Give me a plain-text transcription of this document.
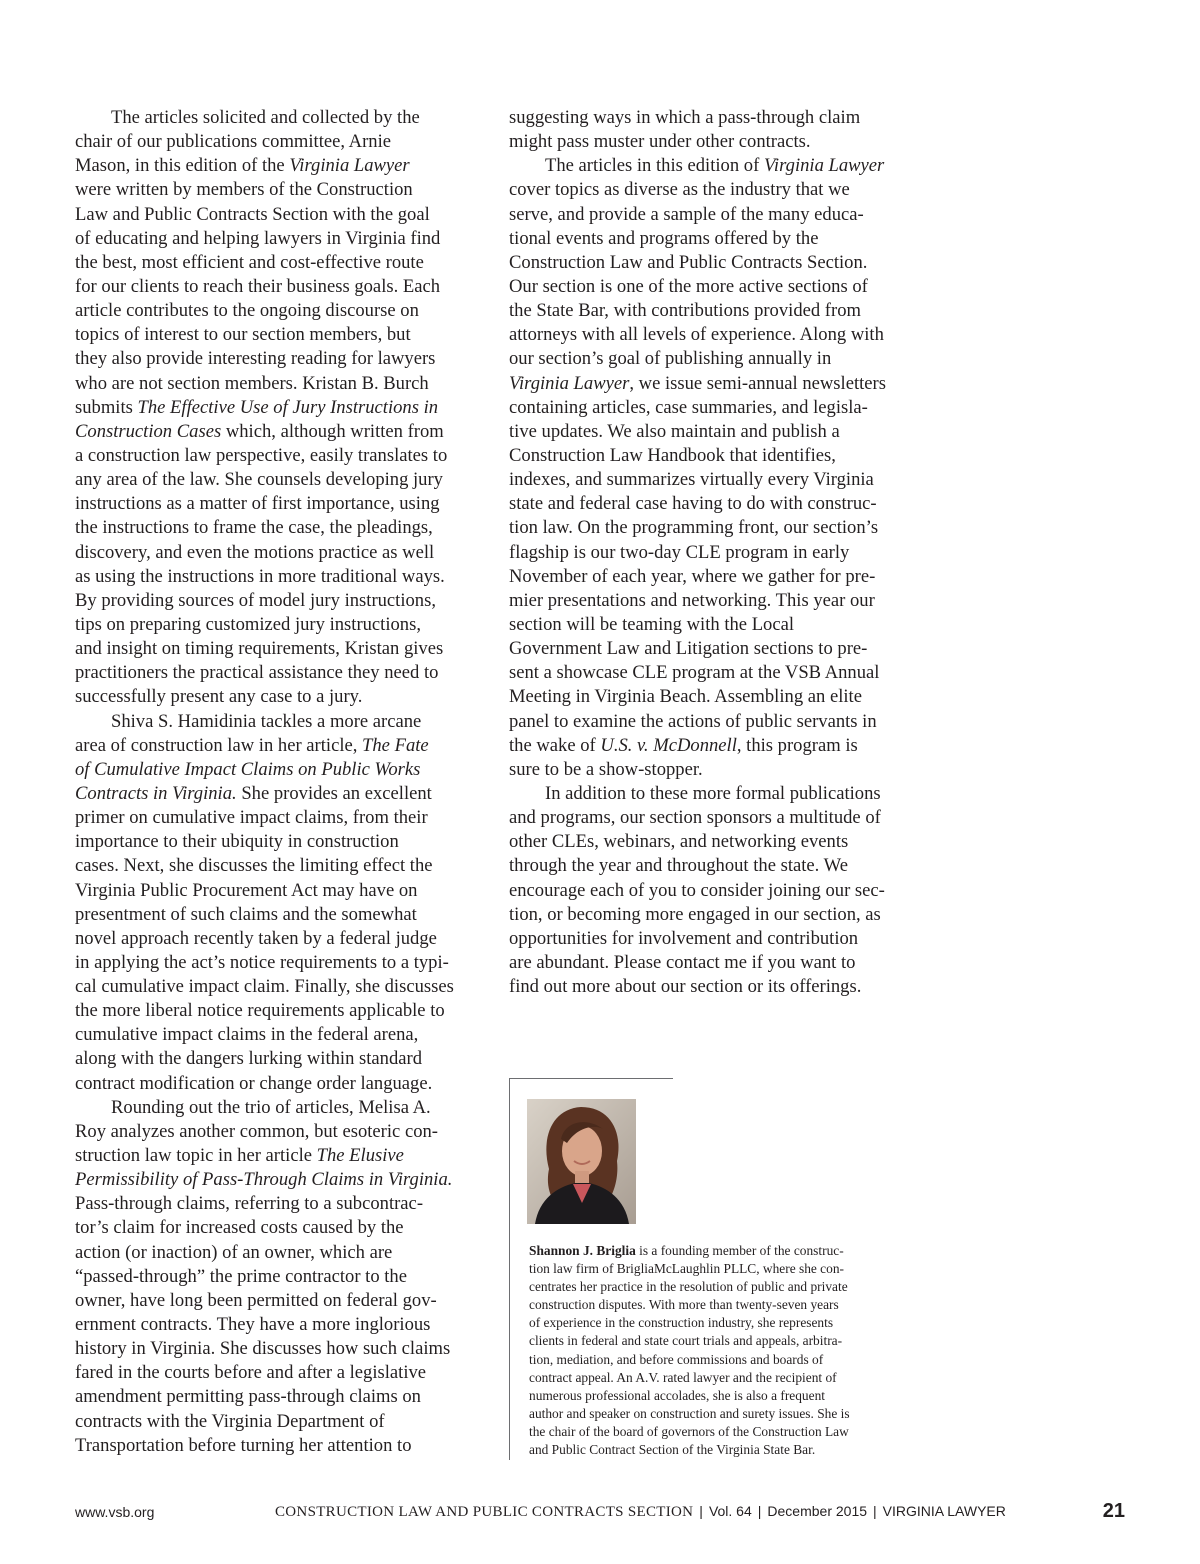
The articles solicited and collected by the
chair of our publications committee, Arnie
Mason, in this edition of the Virginia Lawyer
were written by members of the Construction
Law and Public Contracts Section with the goal
of educating and helping lawyers in Virginia find
the best, most efficient and cost-effective route
for our clients to reach their business goals. Each
article contributes to the ongoing discourse on
topics of interest to our section members, but
they also provide interesting reading for lawyers
who are not section members. Kristan B. Burch
submits The Effective Use of Jury Instructions in
Construction Cases which, although written from
a construction law perspective, easily translates to
any area of the law. She counsels developing jury
instructions as a matter of first importance, using
the instructions to frame the case, the pleadings,
discovery, and even the motions practice as well
as using the instructions in more traditional ways.
By providing sources of model jury instructions,
tips on preparing customized jury instructions,
and insight on timing requirements, Kristan gives
practitioners the practical assistance they need to
successfully present any case to a jury.
Shiva S. Hamidinia tackles a more arcane
area of construction law in her article, The Fate
of Cumulative Impact Claims on Public Works
Contracts in Virginia. She provides an excellent
primer on cumulative impact claims, from their
importance to their ubiquity in construction
cases. Next, she discusses the limiting effect the
Virginia Public Procurement Act may have on
presentment of such claims and the somewhat
novel approach recently taken by a federal judge
in applying the act’s notice requirements to a typi-
cal cumulative impact claim. Finally, she discusses
the more liberal notice requirements applicable to
cumulative impact claims in the federal arena,
along with the dangers lurking within standard
contract modification or change order language.
Rounding out the trio of articles, Melisa A.
Roy analyzes another common, but esoteric con-
struction law topic in her article The Elusive
Permissibility of Pass-Through Claims in Virginia.
Pass-through claims, referring to a subcontrac-
tor’s claim for increased costs caused by the
action (or inaction) of an owner, which are
“passed-through” the prime contractor to the
owner, have long been permitted on federal gov-
ernment contracts. They have a more inglorious
history in Virginia. She discusses how such claims
fared in the courts before and after a legislative
amendment permitting pass-through claims on
contracts with the Virginia Department of
Transportation before turning her attention to
suggesting ways in which a pass-through claim
might pass muster under other contracts.
The articles in this edition of Virginia Lawyer
cover topics as diverse as the industry that we
serve, and provide a sample of the many educa-
tional events and programs offered by the
Construction Law and Public Contracts Section.
Our section is one of the more active sections of
the State Bar, with contributions provided from
attorneys with all levels of experience. Along with
our section’s goal of publishing annually in
Virginia Lawyer, we issue semi-annual newsletters
containing articles, case summaries, and legisla-
tive updates. We also maintain and publish a
Construction Law Handbook that identifies,
indexes, and summarizes virtually every Virginia
state and federal case having to do with construc-
tion law. On the programming front, our section’s
flagship is our two-day CLE program in early
November of each year, where we gather for pre-
mier presentations and networking. This year our
section will be teaming with the Local
Government Law and Litigation sections to pre-
sent a showcase CLE program at the VSB Annual
Meeting in Virginia Beach. Assembling an elite
panel to examine the actions of public servants in
the wake of U.S. v. McDonnell, this program is
sure to be a show-stopper.
In addition to these more formal publications
and programs, our section sponsors a multitude of
other CLEs, webinars, and networking events
through the year and throughout the state. We
encourage each of you to consider joining our sec-
tion, or becoming more engaged in our section, as
opportunities for involvement and contribution
are abundant. Please contact me if you want to
find out more about our section or its offerings.
Shannon J. Briglia is a founding member of the construc-
tion law firm of BrigliaMcLaughlin PLLC, where she con-
centrates her practice in the resolution of public and private
construction disputes. With more than twenty-seven years
of experience in the construction industry, she represents
clients in federal and state court trials and appeals, arbitra-
tion, mediation, and before commissions and boards of
contract appeal. An A.V. rated lawyer and the recipient of
numerous professional accolades, she is also a frequent
author and speaker on construction and surety issues. She is
the chair of the board of governors of the Construction Law
and Public Contract Section of the Virginia State Bar.
www.vsb.org	CONSTRUCTION LAW AND PUBLIC CONTRACTS SECTION | Vol. 64 | December 2015 | VIRGINIA LAWYER	21
